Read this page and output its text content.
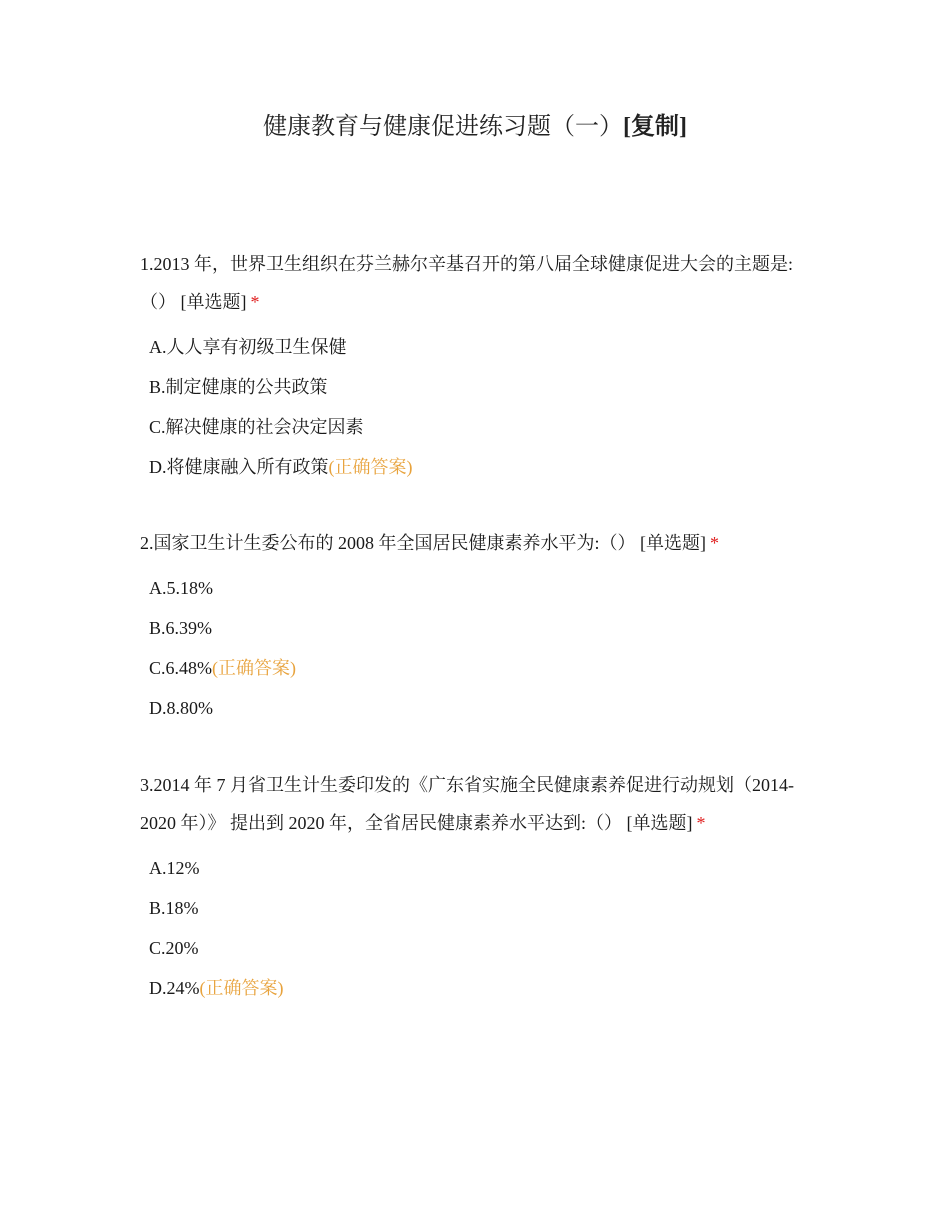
健康教育与健康促进练习题（一）[复制]

1.2013 年，世界卫生组织在芬兰赫尔辛基召开的第八届全球健康促进大会的主题是:（） [单选题] *

A.人人享有初级卫生保健
B.制定健康的公共政策
C.解决健康的社会决定因素
D.将健康融入所有政策(正确答案)

2.国家卫生计生委公布的 2008 年全国居民健康素养水平为:（） [单选题] *

A.5.18%
B.6.39%
C.6.48%(正确答案)
D.8.80%

3.2014 年 7 月省卫生计生委印发的《广东省实施全民健康素养促进行动规划（2014-2020 年）》 提出到 2020 年，全省居民健康素养水平达到:（） [单选题] *

A.12%
B.18%
C.20%
D.24%(正确答案)
